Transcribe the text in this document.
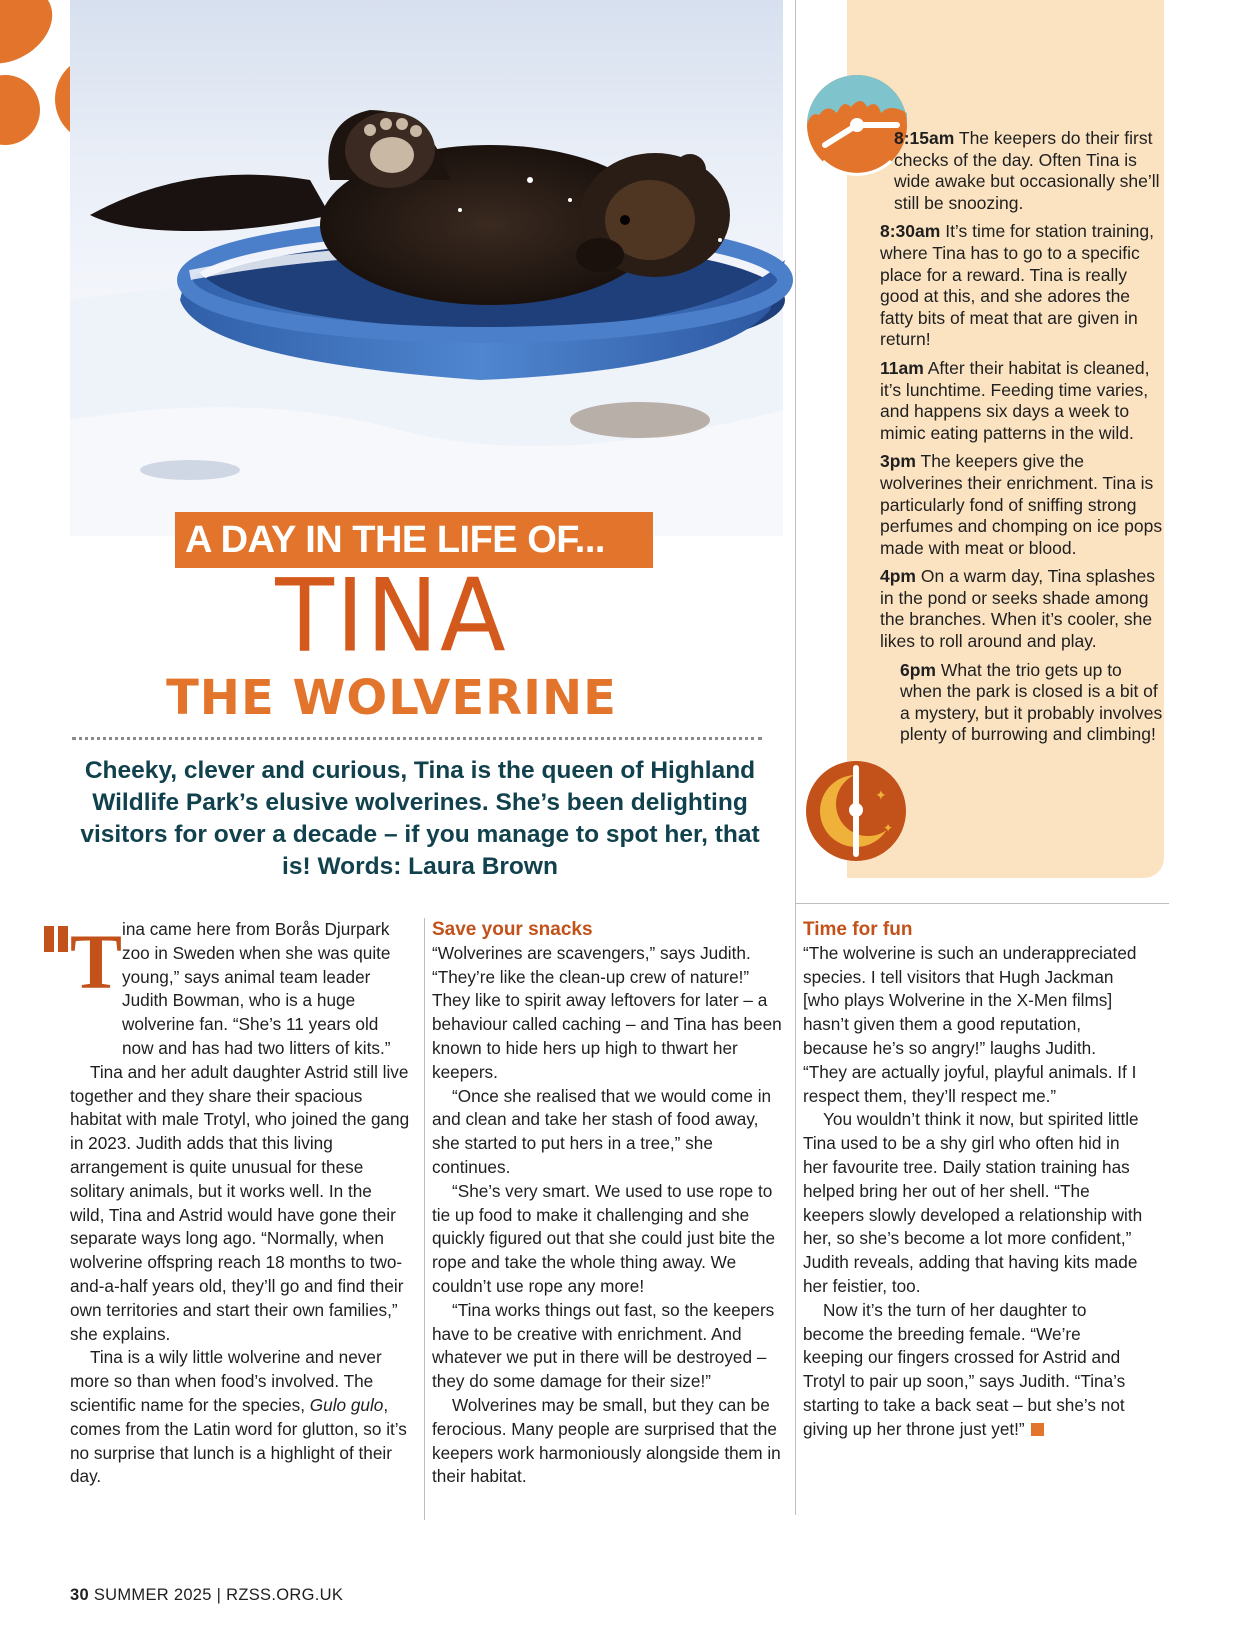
A DAY IN THE LIFE OF...
TINA
THE WOLVERINE
Cheeky, clever and curious, Tina is the queen of Highland Wildlife Park’s elusive wolverines. She’s been delighting visitors for over a decade – if you manage to spot her, that is! Words: Laura Brown
✦
✦
8:15am The keepers do their first checks of the day. Often Tina is wide awake but occasionally she’ll still be snoozing.
8:30am It’s time for station training, where Tina has to go to a specific place for a reward. Tina is really good at this, and she adores the fatty bits of meat that are given in return!
11am After their habitat is cleaned, it’s lunchtime. Feeding time varies, and happens six days a week to mimic eating patterns in the wild.
3pm The keepers give the wolverines their enrichment. Tina is particularly fond of sniffing strong perfumes and chomping on ice pops made with meat or blood.
4pm On a warm day, Tina splashes in the pond or seeks shade among the branches. When it’s cooler, she likes to roll around and play.
6pm What the trio gets up to when the park is closed is a bit of a mystery, but it probably involves plenty of burrowing and climbing!
T ina came here from Borås Djurpark zoo in Sweden when she was quite young,” says animal team leader Judith Bowman, who is a huge wolverine fan. “She’s 11 years old now and has had two litters of kits.”

Tina and her adult daughter Astrid still live together and they share their spacious habitat with male Trotyl, who joined the gang in 2023. Judith adds that this living arrangement is quite unusual for these solitary animals, but it works well. In the wild, Tina and Astrid would have gone their separate ways long ago. “Normally, when wolverine offspring reach 18 months to two-and-a-half years old, they’ll go and find their own territories and start their own families,” she explains.

Tina is a wily little wolverine and never more so than when food’s involved. The scientific name for the species, Gulo gulo, comes from the Latin word for glutton, so it’s no surprise that lunch is a highlight of their day.

Save your snacks

“Wolverines are scavengers,” says Judith. “They’re like the clean-up crew of nature!” They like to spirit away leftovers for later – a behaviour called caching – and Tina has been known to hide hers up high to thwart her keepers.

“Once she realised that we would come in and clean and take her stash of food away, she started to put hers in a tree,” she continues.

“She’s very smart. We used to use rope to tie up food to make it challenging and she quickly figured out that she could just bite the rope and take the whole thing away. We couldn’t use rope any more!

“Tina works things out fast, so the keepers have to be creative with enrichment. And whatever we put in there will be destroyed – they do some damage for their size!”

Wolverines may be small, but they can be ferocious. Many people are surprised that the keepers work harmoniously alongside them in their habitat.

Time for fun

“The wolverine is such an underappreciated species. I tell visitors that Hugh Jackman [who plays Wolverine in the X-Men films] hasn’t given them a good reputation, because he’s so angry!” laughs Judith. “They are actually joyful, playful animals. If I respect them, they’ll respect me.”

You wouldn’t think it now, but spirited little Tina used to be a shy girl who often hid in her favourite tree. Daily station training has helped bring her out of her shell. “The keepers slowly developed a relationship with her, so she’s become a lot more confident,” Judith reveals, adding that having kits made her feistier, too.

Now it’s the turn of her daughter to become the breeding female. “We’re keeping our fingers crossed for Astrid and Trotyl to pair up soon,” says Judith. “Tina’s starting to take a back seat – but she’s not giving up her throne just yet!”

30 SUMMER 2025 | RZSS.ORG.UK
